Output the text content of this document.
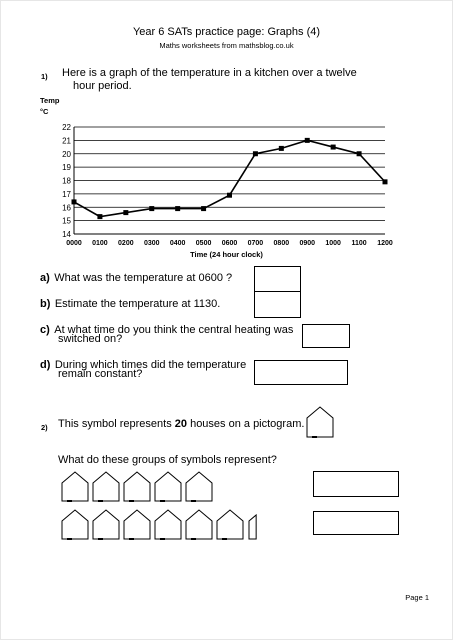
Year 6 SATs practice page: Graphs (4)
Maths worksheets from mathsblog.co.uk
1) Here is a graph of the temperature in a kitchen over a twelve
hour period.
Temp
°C
14
15
16
17
18
19
20
21
22
0000 0100 0200 0300 0400 0500 0600 0700 0800 0900 1000 1100 1200
Time (24 hour clock)
a) What was the temperature at 0600 ?
b) Estimate the temperature at 1130.
c) At what time do you think the central heating was
switched on?
d) During which times did the temperature
remain constant?
2) This symbol represents 20 houses on a pictogram.
What do these groups of symbols represent?
Page 1
